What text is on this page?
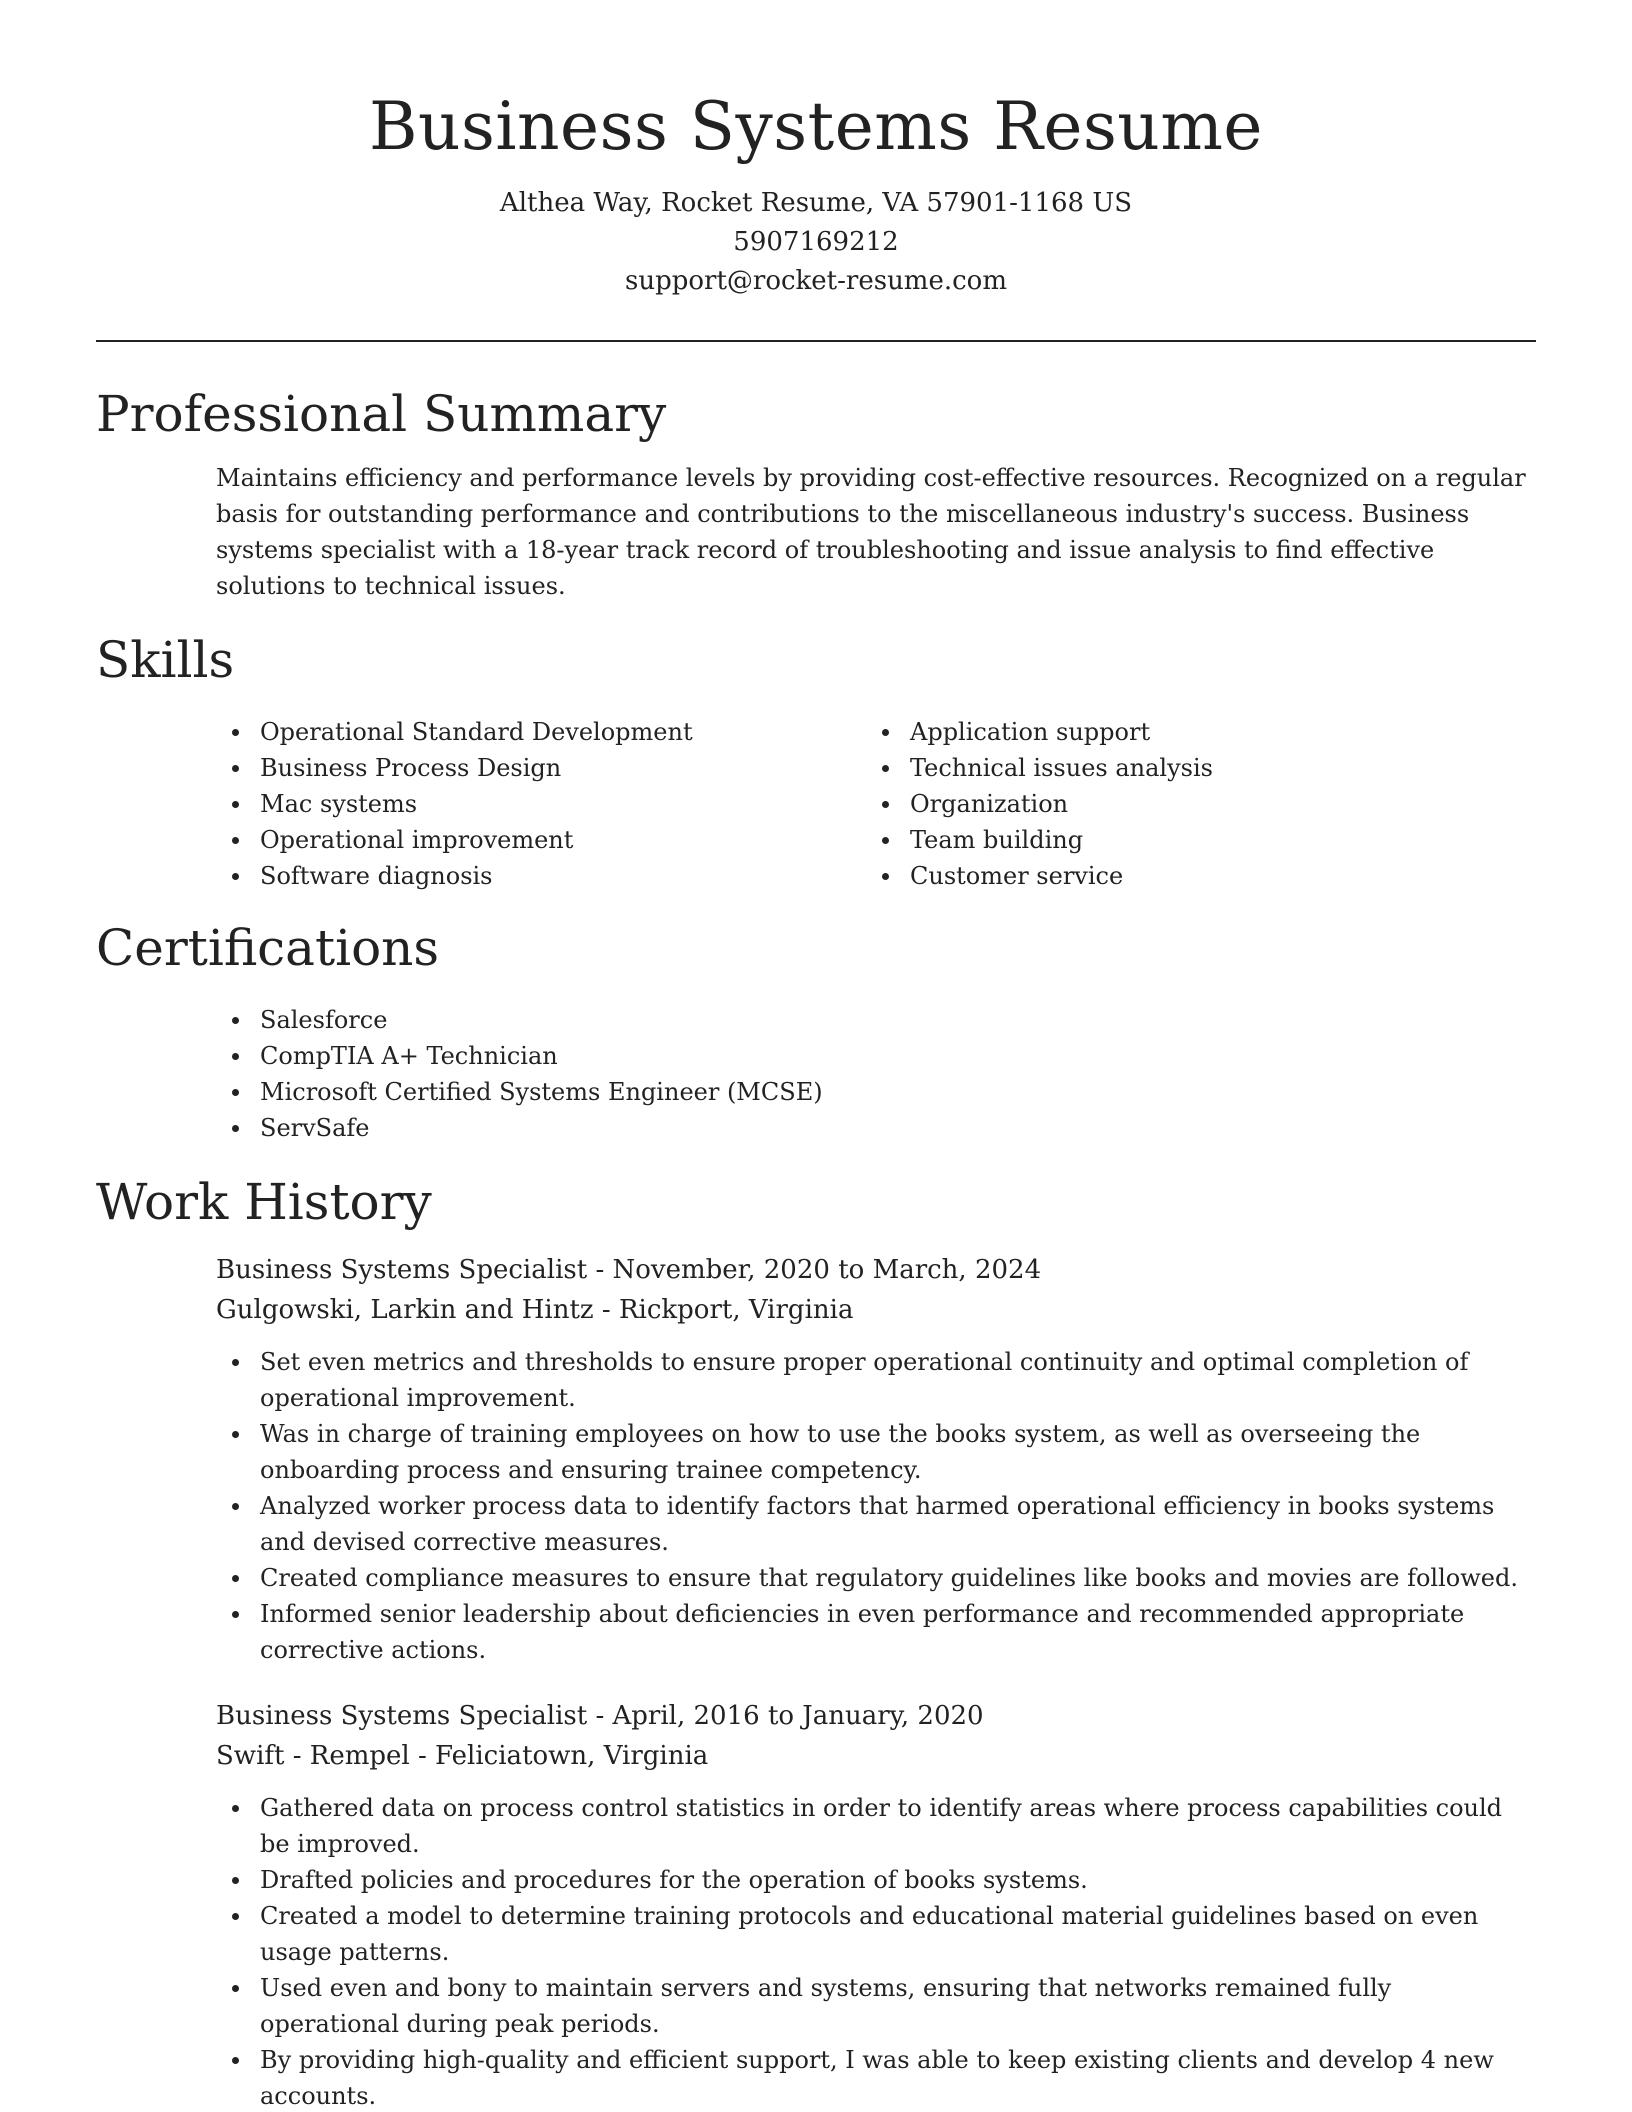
Business Systems Resume
Althea Way, Rocket Resume, VA 57901-1168 US
5907169212
support@rocket-resume.com
Professional Summary

Maintains efficiency and performance levels by providing cost-effective resources. Recognized on a regular basis for outstanding performance and contributions to the miscellaneous industry's success. Business systems specialist with a 18-year track record of troubleshooting and issue analysis to find effective solutions to technical issues.

Skills
Operational Standard Development
Business Process Design
Mac systems
Operational improvement
Software diagnosis
Application support
Technical issues analysis
Organization
Team building
Customer service
Certifications
Salesforce
CompTIA A+ Technician
Microsoft Certified Systems Engineer (MCSE)
ServSafe
Work History
Business Systems Specialist - November, 2020 to March, 2024
Gulgowski, Larkin and Hintz - Rickport, Virginia
Set even metrics and thresholds to ensure proper operational continuity and optimal completion of operational improvement.
Was in charge of training employees on how to use the books system, as well as overseeing the onboarding process and ensuring trainee competency.
Analyzed worker process data to identify factors that harmed operational efficiency in books systems and devised corrective measures.
Created compliance measures to ensure that regulatory guidelines like books and movies are followed.
Informed senior leadership about deficiencies in even performance and recommended appropriate corrective actions.
Business Systems Specialist - April, 2016 to January, 2020
Swift - Rempel - Feliciatown, Virginia
Gathered data on process control statistics in order to identify areas where process capabilities could be improved.
Drafted policies and procedures for the operation of books systems.
Created a model to determine training protocols and educational material guidelines based on even usage patterns.
Used even and bony to maintain servers and systems, ensuring that networks remained fully operational during peak periods.
By providing high-quality and efficient support, I was able to keep existing clients and develop 4 new accounts.
